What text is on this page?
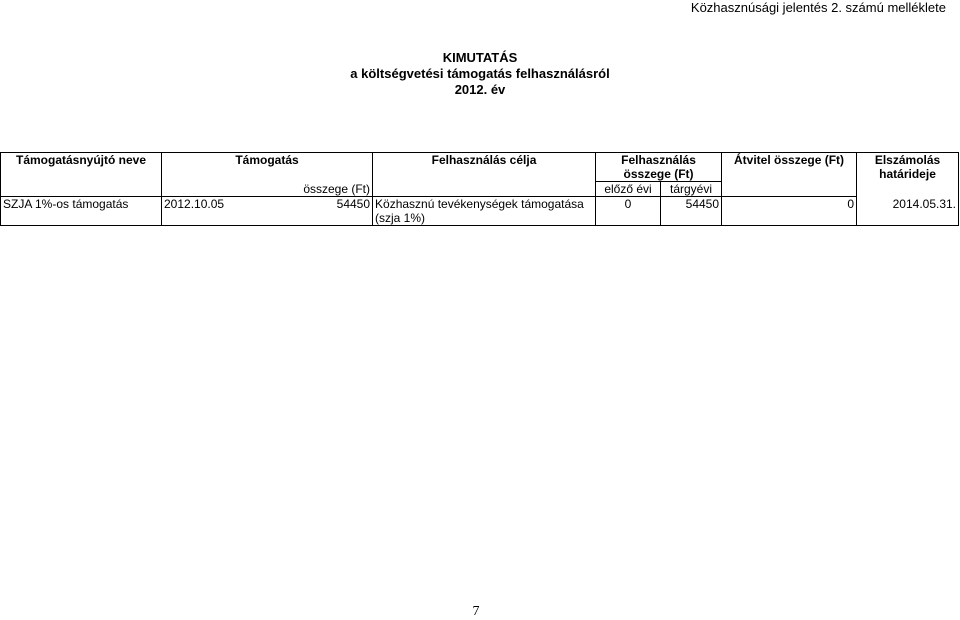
Közhasznúsági jelentés 2. számú melléklete
KIMUTATÁS
a költségvetési támogatás felhasználásról
2012. év
Támogatásnyújtó neve	Támogatás		Felhasználás célja	Felhasználás összege (Ft)		Átvitel összege (Ft)	Elszámolás határideje
		összege (Ft)		előző évi	tárgyévi		
SZJA 1%-os támogatás	2012.10.05	54450	Közhasznú tevékenységek támogatása (szja 1%)	0	54450	0	2014.05.31.
7
